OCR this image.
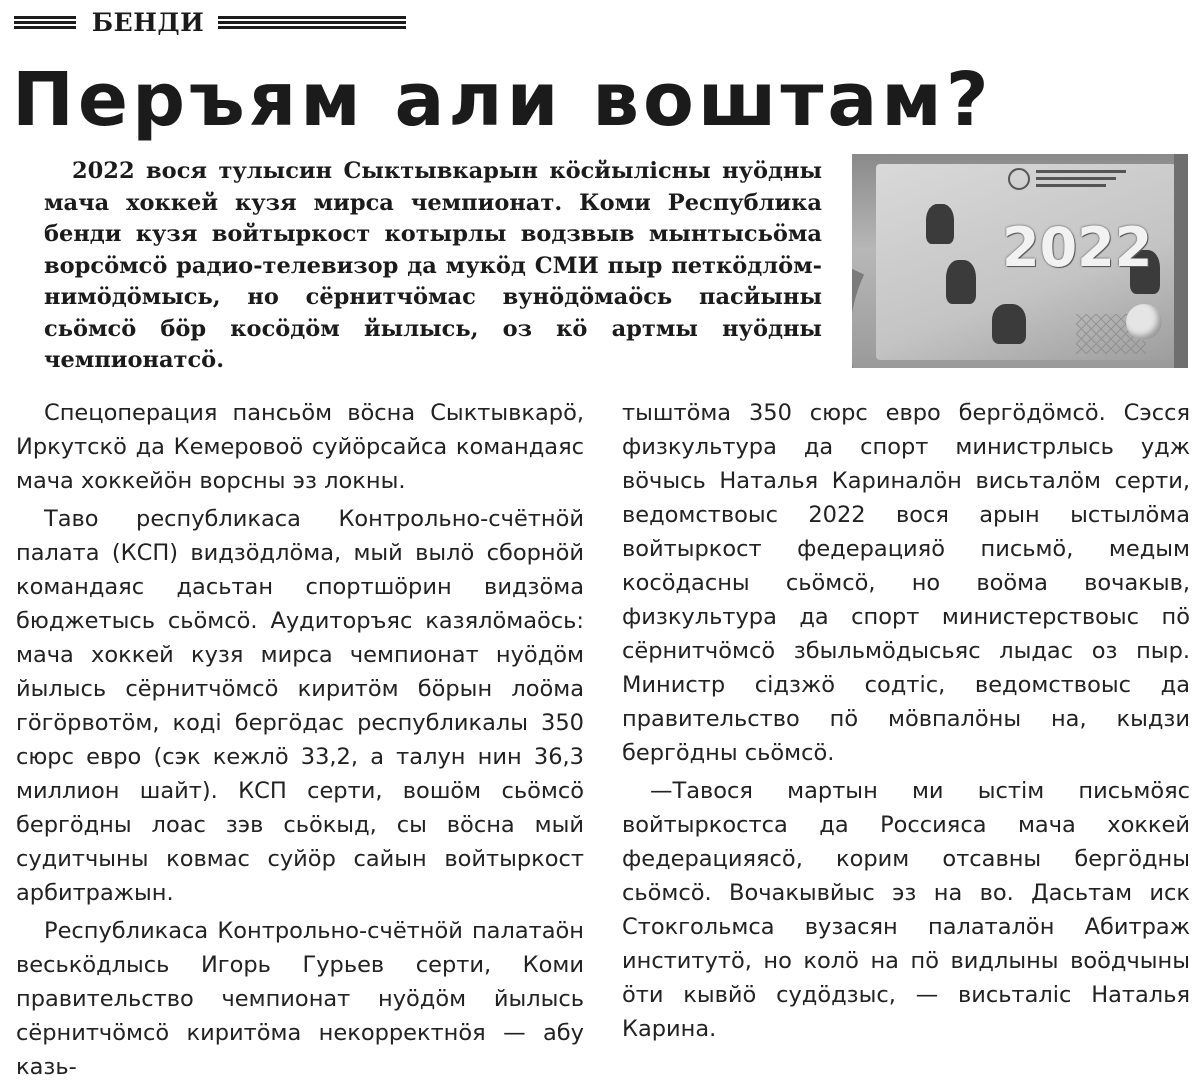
БЕНДИ
Перъям али воштам?
2022 вося тулысин Сыктывкарын кӧсйылiсны нуӧдны мача хоккей кузя мирса чемпионат. Коми Республика бенди кузя войтыркост котырлы водзвыв мынтысьӧма ворсӧмсӧ радио-телевизор да мукӧд СМИ пыр петкӧдлӧм-нимӧдӧмысь, но сёрнитчӧмас вунӧдӧмаӧсь пасйыны сьӧмсӧ бӧр косӧдӧм йылысь, оз кӧ артмы нуӧдны чемпионатсӧ.
2022

Спецоперация пансьӧм вӧсна Сыктывкарӧ, Иркутскӧ да Кемеровоӧ суйӧрсайса командаяс мача хоккейӧн ворсны эз локны.

Таво республикаса Контрольно-счётнӧй палата (КСП) видзӧдлӧма, мый вылӧ сборнӧй командаяс дасьтан спортшӧрин видзӧма бюджетысь сьӧмсӧ. Аудиторъяс казялӧмаӧсь: мача хоккей кузя мирса чемпионат нуӧдӧм йылысь сёрнитчӧмсӧ киритӧм бӧрын лоӧма гӧгӧрвотӧм, кодi бергӧдас республикалы 350 сюрс евро (сэк кежлӧ 33,2, а талун нин 36,3 миллион шайт). КСП серти, вошӧм сьӧмсӧ бергӧдны лоас зэв сьӧкыд, сы вӧсна мый судитчыны ковмас суйӧр сайын войтыркост арбитражын.

Республикаса Контрольно-счётнӧй палатаӧн веськӧдлысь Игорь Гурьев серти, Коми правительство чемпионат нуӧдӧм йылысь сёрнитчӧмсӧ киритӧма некорректнӧя — абу казь-

тыштӧма 350 сюрс евро бергӧдӧмсӧ. Сэсся физкультура да спорт министрлысь удж вӧчысь Наталья Кариналӧн висьталӧм серти, ведомствоыс 2022 вося арын ыстылӧма войтыркост федерацияӧ письмӧ, медым косӧдасны сьӧмсӧ, но воӧма вочакыв, физкультура да спорт министерствоыс пӧ сёрнитчӧмсӧ збыльмӧдысьяс лыдас оз пыр. Министр сiдзжӧ содтiс, ведомствоыс да правительство пӧ мӧвпалӧны на, кыдзи бергӧдны сьӧмсӧ.

—Тавося мартын ми ыстiм письмӧяс войтыркостса да Россияса мача хоккей федерацияясӧ, корим отсавны бергӧдны сьӧмсӧ. Вочакывйыс эз на во. Дасьтам иск Стокгольмса вузасян палаталӧн Абитраж институтӧ, но колӧ на пӧ видлыны воӧдчыны ӧти кывйӧ судӧдзыс, — висьталiс Наталья Карина.
